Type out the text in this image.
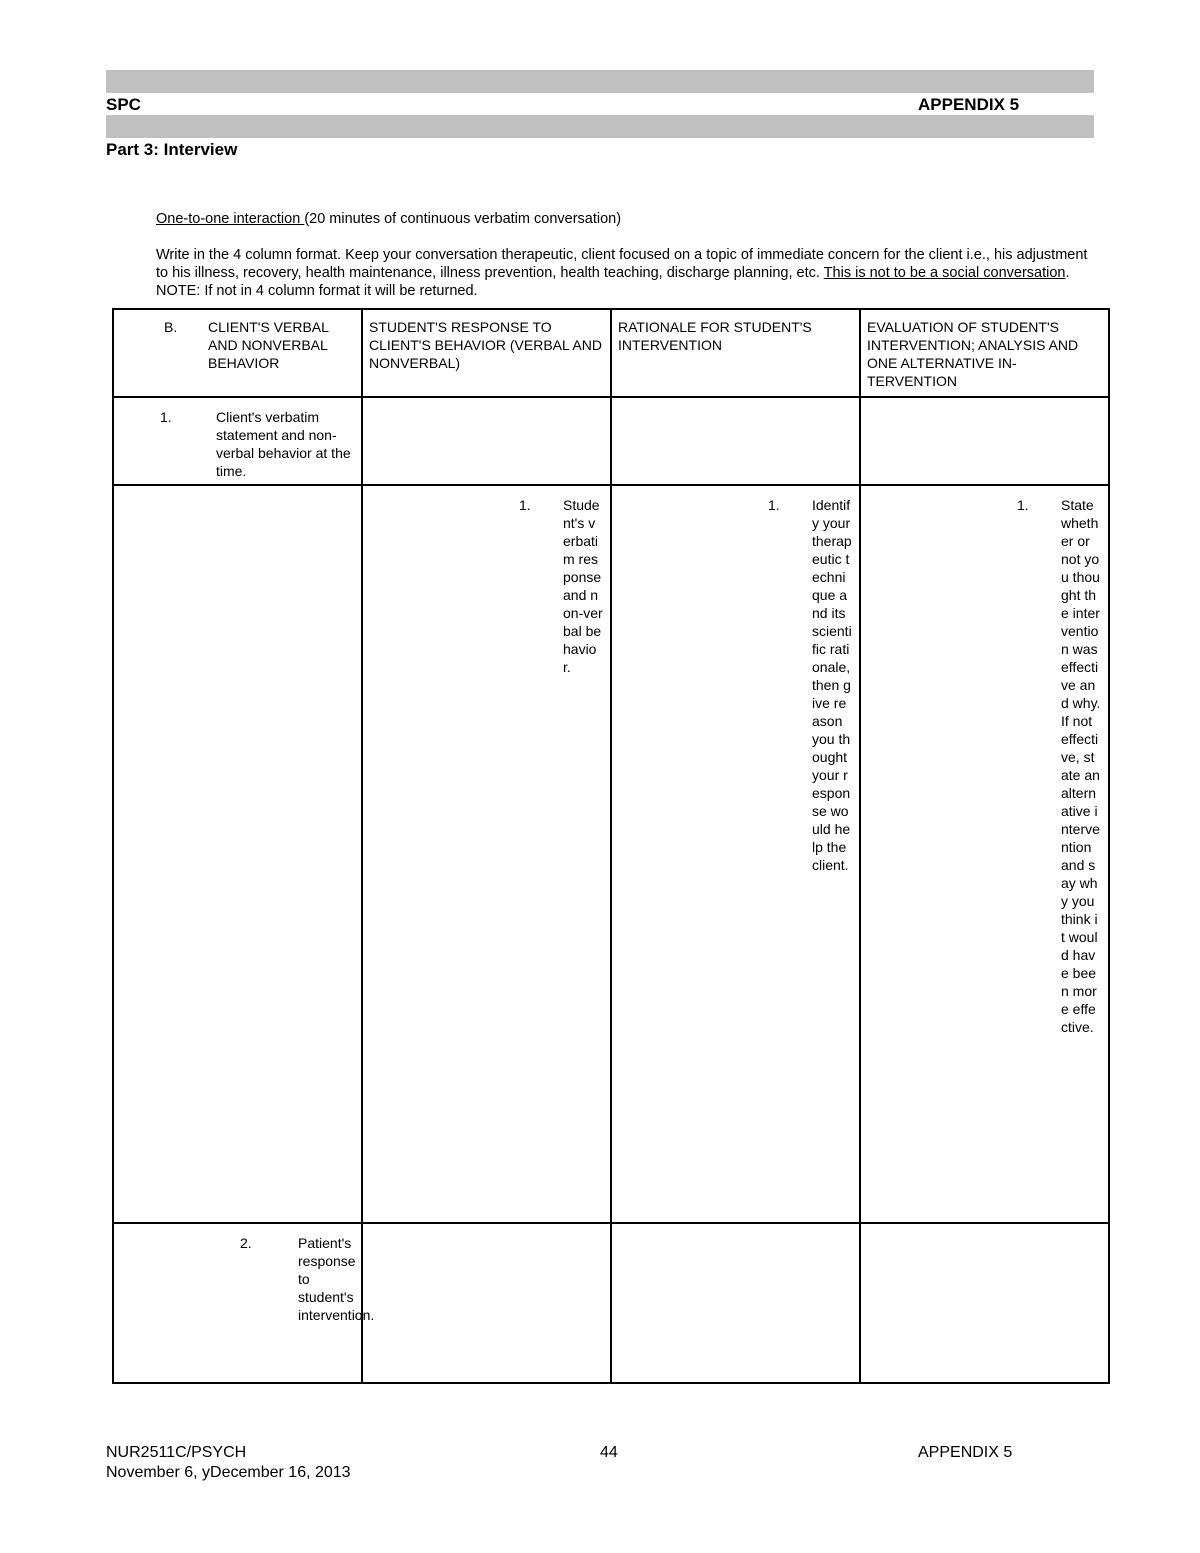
SPC	APPENDIX 5
Part 3: Interview
One-to-one interaction (20 minutes of continuous verbatim conversation)
Write in the 4 column format. Keep your conversation therapeutic, client focused on a topic of immediate concern for the client i.e., his adjustment to his illness, recovery, health maintenance, illness prevention, health teaching, discharge planning, etc. This is not to be a social conversation. NOTE: If not in 4 column format it will be returned.
B. CLIENT'S VERBAL AND NONVERBAL BEHAVIOR	STUDENT'S RESPONSE TO CLIENT'S BEHAVIOR (VERBAL AND NONVERBAL)	RATIONALE FOR STUDENT'S INTERVENTION	EVALUATION OF STUDENT'S INTERVENTION; ANALYSIS AND ONE ALTERNATIVE IN-TERVENTION

1. Client's verbatim statement and non-verbal behavior at the time.			

	1. Student's verbatim response and non-verbal behavior.	1. Identify your therapeutic technique and its scientific rationale, then give reason you thought your response would help the client.	1. State whether or not you thought the intervention was effective and why. If not effective, state an alternative intervention and say why you think it would have been more effective.

2. Patient's response to student's intervention.			

NUR2511C/PSYCH
November 6, yDecember 16, 2013
44	APPENDIX 5
